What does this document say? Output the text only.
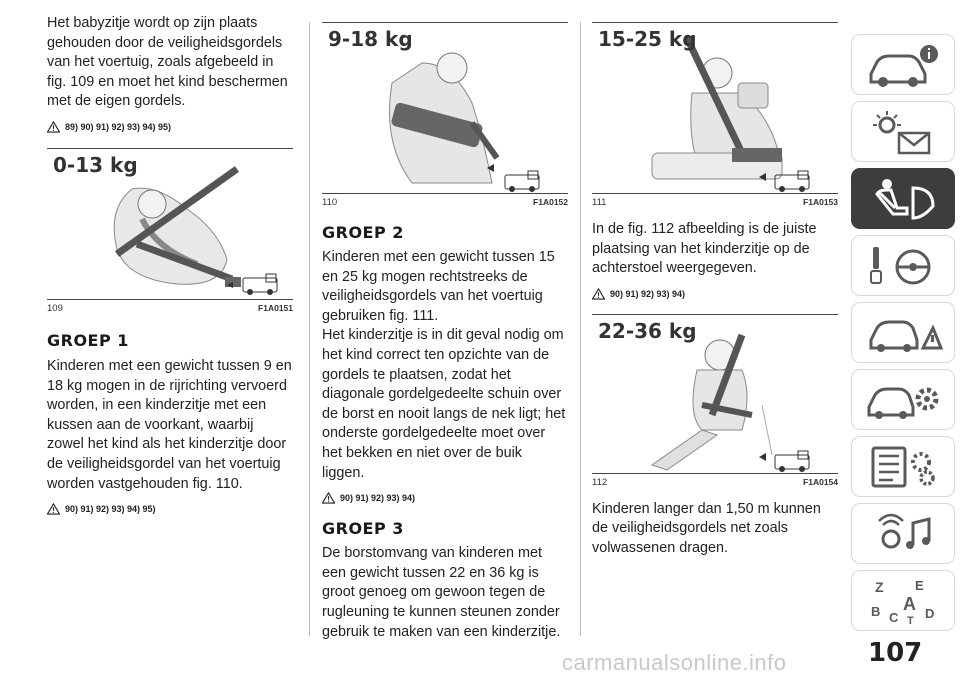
Het babyzitje wordt op zijn plaats gehouden door de veiligheidsgordels van het voertuig, zoals afgebeeld in fig. 109 en moet het kind beschermen met de eigen gordels.

89) 90) 91) 92) 93) 94) 95)
0-13 kg
109	F1A0151
GROEP 1

Kinderen met een gewicht tussen 9 en 18 kg mogen in de rijrichting vervoerd worden, in een kinderzitje met een kussen aan de voorkant, waarbij zowel het kind als het kinderzitje door de veiligheidsgordel van het voertuig worden vastgehouden fig. 110.

90) 91) 92) 93) 94) 95)
9-18 kg
110	F1A0152
GROEP 2

Kinderen met een gewicht tussen 15 en 25 kg mogen rechtstreeks de veiligheidsgordels van het voertuig gebruiken fig. 111.
Het kinderzitje is in dit geval nodig om het kind correct ten opzichte van de gordels te plaatsen, zodat het diagonale gordelgedeelte schuin over de borst en nooit langs de nek ligt; het onderste gordelgedeelte moet over het bekken en niet over de buik liggen.

90) 91) 92) 93) 94)
GROEP 3

De borstomvang van kinderen met een gewicht tussen 22 en 36 kg is groot genoeg om gewoon tegen de rugleuning te kunnen steunen zonder gebruik te maken van een kinderzitje.

15-25 kg
111	F1A0153

In de fig. 112 afbeelding is de juiste plaatsing van het kinderzitje op de achterstoel weergegeven.

90) 91) 92) 93) 94)
22-36 kg
112	F1A0154

Kinderen langer dan 1,50 m kunnen de veiligheidsgordels net zoals volwassenen dragen.

Z E
A
B C D
T
107
carmanualsonline.info
